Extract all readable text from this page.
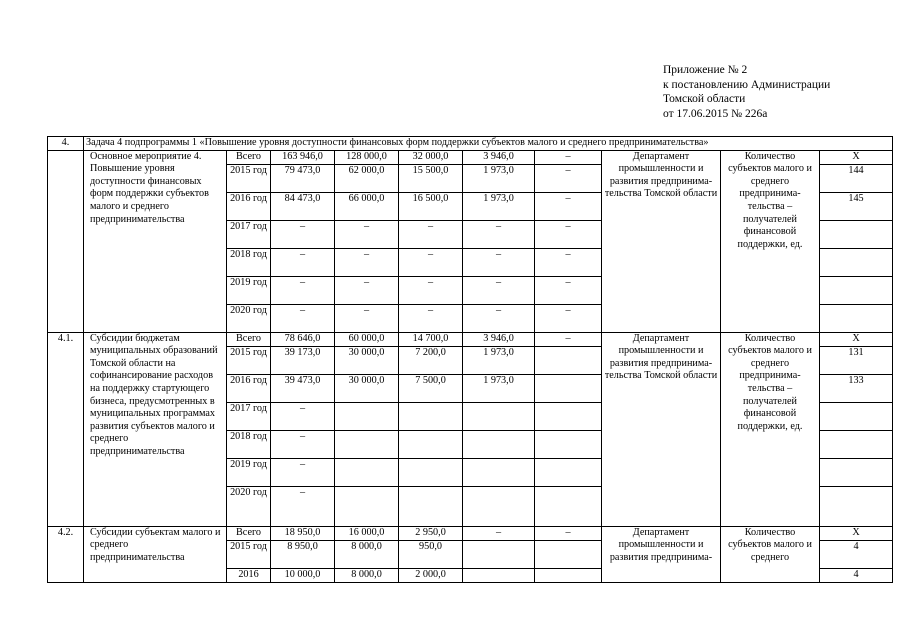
Приложение № 2
к постановлению Администрации
Томской области
от 17.06.2015 № 226а
4.	Задача 4 подпрограммы 1 «Повышение уровня доступности финансовых форм поддержки субъектов малого и среднего предпринимательства»									
	Основное мероприятие 4. Повышение уровня доступности финансовых форм поддержки субъектов малого и среднего предпринимательства	Всего	163 946,0	128 000,0	32 000,0	3 946,0	–	Департамент промышленности и развития предпринима-тельства Томской области	Количество субъектов малого и среднего предпринима-тельства – получателей финансовой поддержки, ед.	Х
		2015 год	79 473,0	62 000,0	15 500,0	1 973,0	–			144
		2016 год	84 473,0	66 000,0	16 500,0	1 973,0	–			145
		2017 год	–	–	–	–	–			
		2018 год	–	–	–	–	–			
		2019 год	–	–	–	–	–			
		2020 год	–	–	–	–	–			
4.1.	Субсидии бюджетам муниципальных образований Томской области на софинансирование расходов на поддержку стартующего бизнеса, предусмотренных в муниципальных программах развития субъектов малого и среднего предпринимательства	Всего	78 646,0	60 000,0	14 700,0	3 946,0	–	Департамент промышленности и развития предпринима-тельства Томской области	Количество субъектов малого и среднего предпринима-тельства – получателей финансовой поддержки, ед.	Х
		2015 год	39 173,0	30 000,0	7 200,0	1 973,0				131
		2016 год	39 473,0	30 000,0	7 500,0	1 973,0				133
		2017 год	–							
		2018 год	–							
		2019 год	–							
		2020 год	–							
4.2.	Субсидии субъектам малого и среднего предпринимательства	Всего	18 950,0	16 000,0	2 950,0	–	–	Департамент промышленности и развития предпринима-	Количество субъектов малого и среднего	Х
		2015 год	8 950,0	8 000,0	950,0					4
		2016	10 000,0	8 000,0	2 000,0					4
